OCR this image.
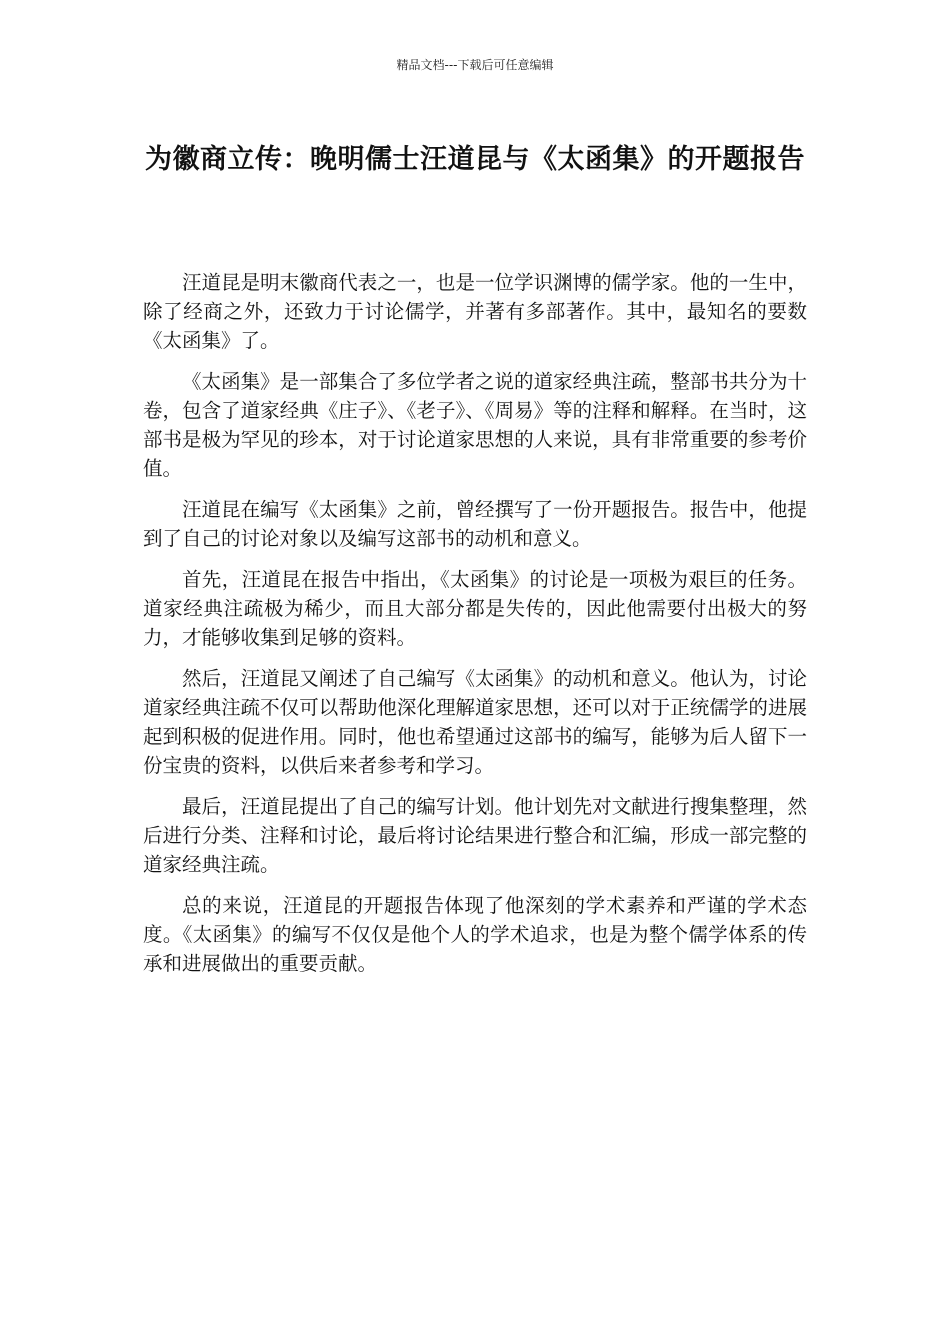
精品文档---下载后可任意编辑
为徽商立传：晚明儒士汪道昆与《太函集》的开题报告

汪道昆是明末徽商代表之一，也是一位学识渊博的儒学家。他的一生中，除了经商之外，还致力于讨论儒学，并著有多部著作。其中，最知名的要数《太函集》了。

《太函集》是一部集合了多位学者之说的道家经典注疏，整部书共分为十卷，包含了道家经典《庄子》、《老子》、《周易》等的注释和解释。在当时，这部书是极为罕见的珍本，对于讨论道家思想的人来说，具有非常重要的参考价值。

汪道昆在编写《太函集》之前，曾经撰写了一份开题报告。报告中，他提到了自己的讨论对象以及编写这部书的动机和意义。

首先，汪道昆在报告中指出，《太函集》的讨论是一项极为艰巨的任务。道家经典注疏极为稀少，而且大部分都是失传的，因此他需要付出极大的努力，才能够收集到足够的资料。

然后，汪道昆又阐述了自己编写《太函集》的动机和意义。他认为，讨论道家经典注疏不仅可以帮助他深化理解道家思想，还可以对于正统儒学的进展起到积极的促进作用。同时，他也希望通过这部书的编写，能够为后人留下一份宝贵的资料，以供后来者参考和学习。

最后，汪道昆提出了自己的编写计划。他计划先对文献进行搜集整理，然后进行分类、注释和讨论，最后将讨论结果进行整合和汇编，形成一部完整的道家经典注疏。

总的来说，汪道昆的开题报告体现了他深刻的学术素养和严谨的学术态度。《太函集》的编写不仅仅是他个人的学术追求，也是为整个儒学体系的传承和进展做出的重要贡献。
